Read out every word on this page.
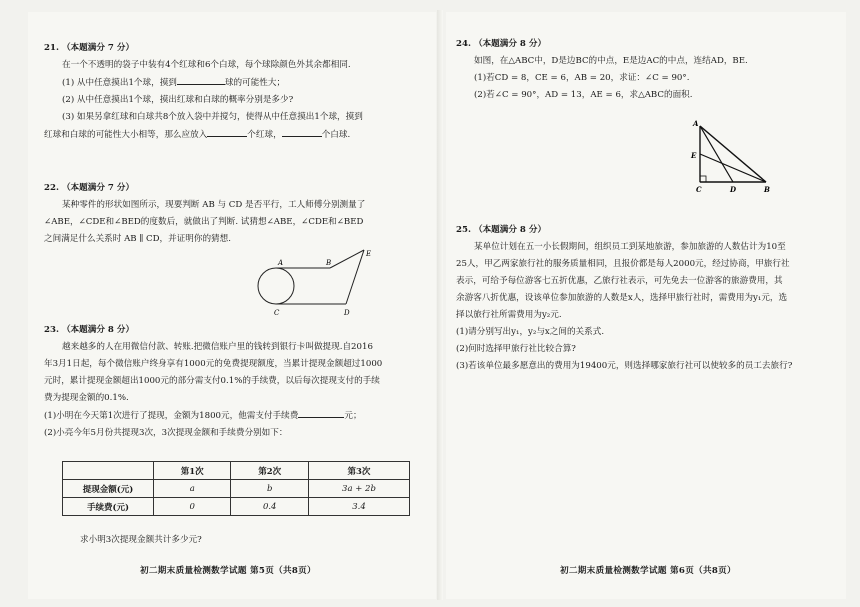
21. （本题满分 7 分）

在一个不透明的袋子中装有4个红球和6个白球，每个球除颜色外其余都相同.

(1) 从中任意摸出1个球，摸到	球的可能性大；

(2) 从中任意摸出1个球，摸出红球和白球的概率分别是多少?

(3) 如果另拿红球和白球共8个放入袋中并搅匀，使得从中任意摸出1个球，摸到

红球和白球的可能性大小相等，那么应放入	个红球，	个白球.

22. （本题满分 7 分）

某种零件的形状如图所示，现要判断 AB 与 CD 是否平行，工人师傅分别测量了

∠ABE，∠CDE和∠BED的度数后，就做出了判断. 试猜想∠ABE，∠CDE和∠BED

之间满足什么关系时 AB ∥ CD，并证明你的猜想.

A	B
E
C	D

23. （本题满分 8 分）

越来越多的人在用微信付款、转账.把微信账户里的钱转到银行卡叫做提现.自2016

年3月1日起，每个微信账户终身享有1000元的免费提现额度，当累计提现金额超过1000

元时，累计提现金额超出1000元的部分需支付0.1%的手续费，以后每次提现支付的手续

费为提现金额的0.1%.

(1)小明在今天第1次进行了提现，金额为1800元，他需支付手续费	元；

(2)小亮今年5月份共提现3次，3次提现金额和手续费分别如下：

	第1次	第2次	第3次
提现金额(元)	a	b	3a + 2b
手续费(元)	0	0.4	3.4
求小明3次提现金额共计多少元?
初二期末质量检测数学试题 第5页（共8页）

24. （本题满分 8 分）

如图，在△ABC中，D是边BC的中点，E是边AC的中点，连结AD，BE.

(1)若CD = 8，CE = 6，AB = 20，求证：∠C = 90°.

(2)若∠C = 90°，AD = 13，AE = 6，求△ABC的面积.

A
E
C	D	B

25. （本题满分 8 分）

某单位计划在五一小长假期间，组织员工到某地旅游，参加旅游的人数估计为10至

25人，甲乙两家旅行社的服务质量相同，且报价都是每人2000元，经过协商，甲旅行社

表示，可给予每位游客七五折优惠，乙旅行社表示，可先免去一位游客的旅游费用，其

余游客八折优惠，设该单位参加旅游的人数是x人，选择甲旅行社时，需费用为y₁元，选

择以旅行社所需费用为y₂元.

(1)请分别写出y₁，y₂与x之间的关系式.

(2)何时选择甲旅行社比较合算?

(3)若该单位最多愿意出的费用为19400元，则选择哪家旅行社可以使较多的员工去旅行?

初二期末质量检测数学试题 第6页（共8页）
